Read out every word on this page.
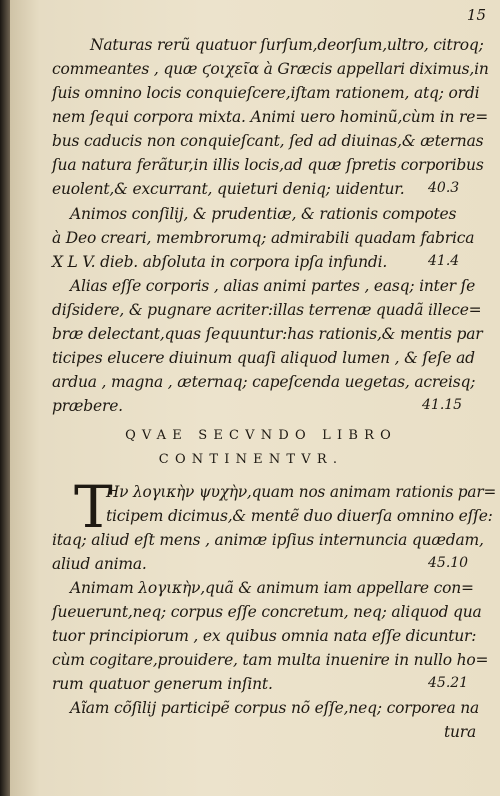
15
Naturas rerũ quatuor ſurſum,deorſum,ultro, citroq;
commeantes , quæ ϛοιχεῖα à Græcis appellari diximus,in
ſuis omnino locis conquieſcere,iſtam rationem, atq; ordi
nem ſequi corpora mixta. Animi uero hominũ,cùm in re=
bus caducis non conquieſcant, ſed ad diuinas,& æternas
ſua natura ferãtur,in illis locis,ad quæ ſpretis corporibus
euolent,& excurrant, quieturi deniq; uidentur. 40.3
Animos conſilij, & prudentiæ, & rationis compotes
à Deo creari, membrorumq; admirabili quadam fabrica
X L V. dieb. abſoluta in corpora ipſa infundi.	41.4
Alias eſſe corporis , alias animi partes , easq; inter ſe
diſsidere, & pugnare acriter:illas terrenæ quadã illece=
bræ delectant,quas ſequuntur:has rationis,& mentis par
ticipes elucere diuinum quaſi aliquod lumen , & ſeſe ad
ardua , magna , æternaq; capeſcenda uegetas, acreisq;
præbere.	41.15
QVAE SECVNDO LIBRO
CONTINENTVR.
T
Hν λογικὴν ψυχὴν,quam nos animam rationis par=
ticipem dicimus,& mentẽ duo diuerſa omnino eſſe:
itaq; aliud eſt mens , animæ ipſius internuncia quædam,
aliud anima.	45.10
Animam λογικὴν,quã & animum iam appellare con=
ſueuerunt,neq; corpus eſſe concretum, neq; aliquod qua
tuor principiorum , ex quibus omnia nata eſſe dicuntur:
cùm cogitare,prouidere, tam multa inuenire in nullo ho=
rum quatuor generum inſint.	45.21
Aĩam cõſilij participẽ corpus nõ eſſe,neq; corporea na
tura
